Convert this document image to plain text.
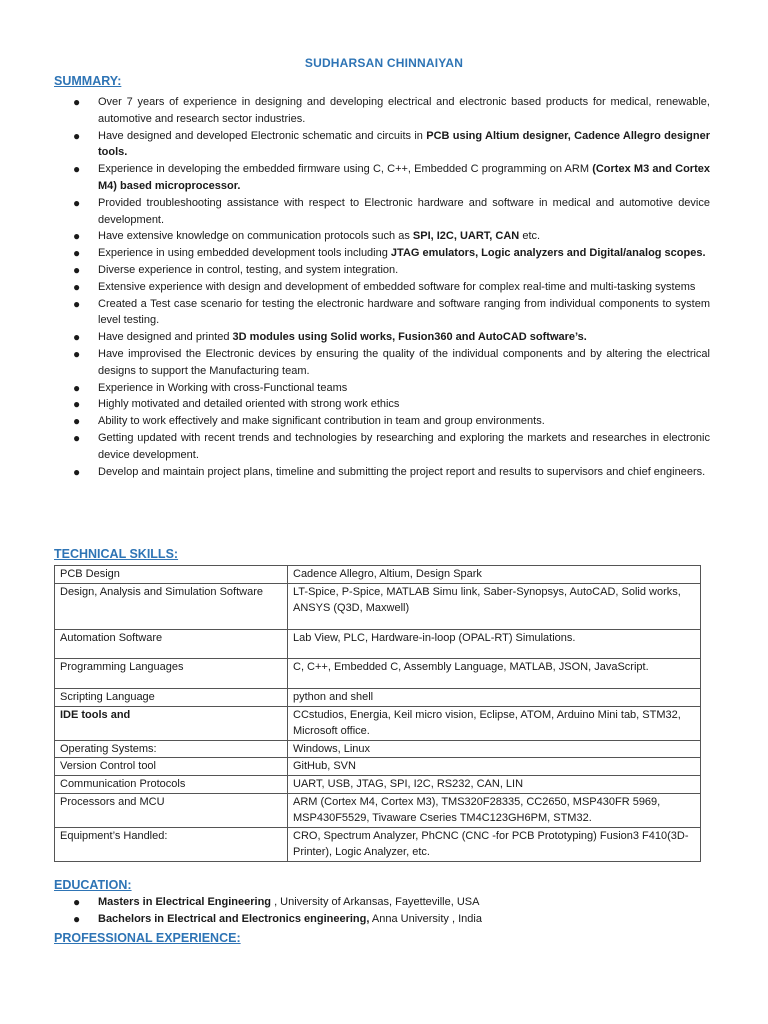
SUDHARSAN CHINNAIYAN
SUMMARY:
● Over 7 years of experience in designing and developing electrical and electronic based products for medical, renewable, automotive and research sector industries.
● Have designed and developed Electronic schematic and circuits in PCB using Altium designer, Cadence Allegro designer tools.
● Experience in developing the embedded firmware using C, C++, Embedded C programming on ARM (Cortex M3 and Cortex M4) based microprocessor.
● Provided troubleshooting assistance with respect to Electronic hardware and software in medical and automotive device development.
● Have extensive knowledge on communication protocols such as SPI, I2C, UART, CAN etc.
● Experience in using embedded development tools including JTAG emulators, Logic analyzers and Digital/analog scopes.
● Diverse experience in control, testing, and system integration.
● Extensive experience with design and development of embedded software for complex real-time and multi-tasking systems
● Created a Test case scenario for testing the electronic hardware and software ranging from individual components to system level testing.
● Have designed and printed 3D modules using Solid works, Fusion360 and AutoCAD software’s.
● Have improvised the Electronic devices by ensuring the quality of the individual components and by altering the electrical designs to support the Manufacturing team.
● Experience in Working with cross-Functional teams
● Highly motivated and detailed oriented with strong work ethics
● Ability to work effectively and make significant contribution in team and group environments.
● Getting updated with recent trends and technologies by researching and exploring the markets and researches in electronic device development.
● Develop and maintain project plans, timeline and submitting the project report and results to supervisors and chief engineers.
TECHNICAL SKILLS:
PCB Design	Cadence Allegro, Altium, Design Spark
Design, Analysis and Simulation Software	LT-Spice, P-Spice, MATLAB Simu link, Saber-Synopsys, AutoCAD, Solid works, ANSYS (Q3D, Maxwell)
Automation Software	Lab View, PLC, Hardware-in-loop (OPAL-RT) Simulations.
Programming Languages	C, C++, Embedded C, Assembly Language, MATLAB, JSON, JavaScript.
Scripting Language	python and shell
IDE tools and	CCstudios, Energia, Keil micro vision, Eclipse, ATOM, Arduino Mini tab, STM32, Microsoft office.
Operating Systems:	Windows, Linux
Version Control tool	GitHub, SVN
Communication Protocols	UART, USB, JTAG, SPI, I2C, RS232, CAN, LIN
Processors and MCU	ARM (Cortex M4, Cortex M3), TMS320F28335, CC2650, MSP430FR 5969, MSP430F5529, Tivaware Cseries TM4C123GH6PM, STM32.
Equipment’s Handled:	CRO, Spectrum Analyzer, PhCNC (CNC -for PCB Prototyping) Fusion3 F410(3D- Printer), Logic Analyzer, etc.
EDUCATION:
● Masters in Electrical Engineering , University of Arkansas, Fayetteville, USA
● Bachelors in Electrical and Electronics engineering, Anna University , India
PROFESSIONAL EXPERIENCE:
